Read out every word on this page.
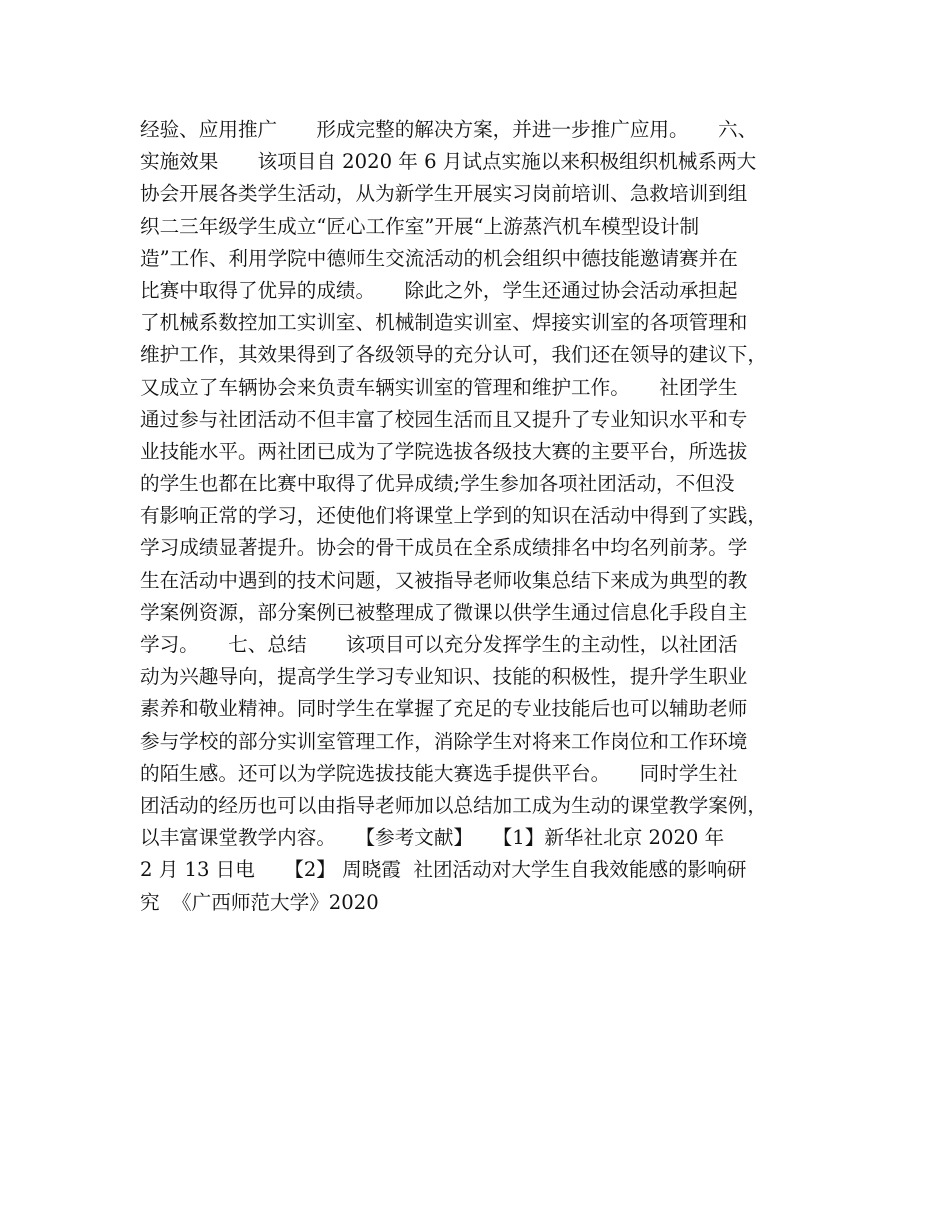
经验、应用推广　　形成完整的解决方案，并进一步推广应用。　　六、
实施效果　　该项目自 2020 年 6 月试点实施以来积极组织机械系两大
协会开展各类学生活动，从为新学生开展实习岗前培训、急救培训到组
织二三年级学生成立“匠心工作室”开展“上游蒸汽机车模型设计制
造”工作、利用学院中德师生交流活动的机会组织中德技能邀请赛并在
比赛中取得了优异的成绩。　　除此之外，学生还通过协会活动承担起
了机械系数控加工实训室、机械制造实训室、焊接实训室的各项管理和
维护工作，其效果得到了各级领导的充分认可，我们还在领导的建议下，
又成立了车辆协会来负责车辆实训室的管理和维护工作。　　社团学生
通过参与社团活动不但丰富了校园生活而且又提升了专业知识水平和专
业技能水平。两社团已成为了学院选拔各级技大赛的主要平台，所选拔
的学生也都在比赛中取得了优异成绩;学生参加各项社团活动，不但没
有影响正常的学习，还使他们将课堂上学到的知识在活动中得到了实践，
学习成绩显著提升。协会的骨干成员在全系成绩排名中均名列前茅。学
生在活动中遇到的技术问题，又被指导老师收集总结下来成为典型的教
学案例资源，部分案例已被整理成了微课以供学生通过信息化手段自主
学习。　　七、总结　　该项目可以充分发挥学生的主动性，以社团活
动为兴趣导向，提高学生学习专业知识、技能的积极性，提升学生职业
素养和敬业精神。同时学生在掌握了充足的专业技能后也可以辅助老师
参与学校的部分实训室管理工作，消除学生对将来工作岗位和工作环境
的陌生感。还可以为学院选拔技能大赛选手提供平台。　　同时学生社
团活动的经历也可以由指导老师加以总结加工成为生动的课堂教学案例，
以丰富课堂教学内容。　　【参考文献】　　【1】新华社北京 2020 年
2 月 13 日电　　【2】 周晓霞  社团活动对大学生自我效能感的影响研
究  《广西师范大学》2020
